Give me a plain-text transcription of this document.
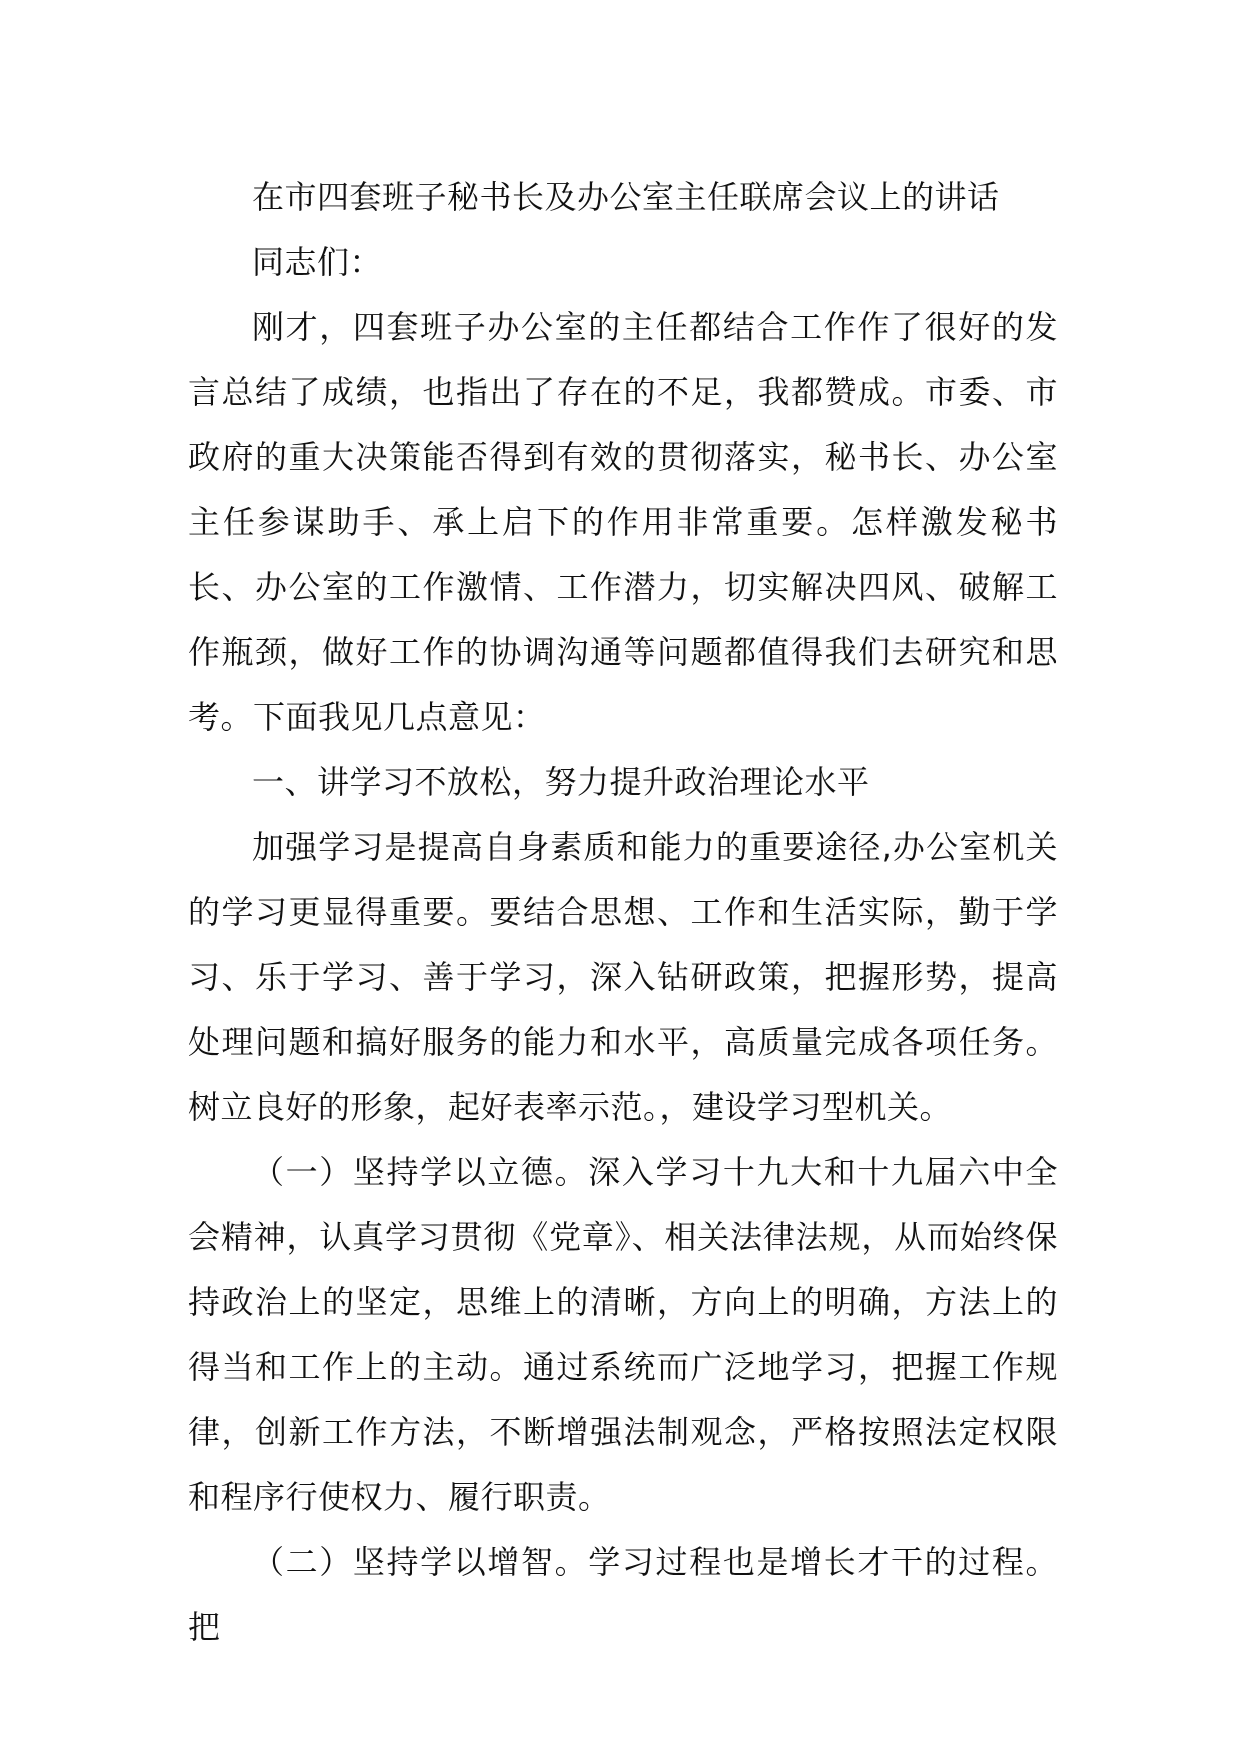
在市四套班子秘书长及办公室主任联席会议上的讲话

同志们：

刚才，四套班子办公室的主任都结合工作作了很好的发言总结了成绩，也指出了存在的不足，我都赞成。市委、市政府的重大决策能否得到有效的贯彻落实，秘书长、办公室主任参谋助手、承上启下的作用非常重要。怎样激发秘书长、办公室的工作激情、工作潜力，切实解决四风、破解工作瓶颈，做好工作的协调沟通等问题都值得我们去研究和思考。下面我见几点意见：

一、讲学习不放松，努力提升政治理论水平

加强学习是提高自身素质和能力的重要途径,办公室机关的学习更显得重要。要结合思想、工作和生活实际，勤于学习、乐于学习、善于学习，深入钻研政策，把握形势，提高处理问题和搞好服务的能力和水平，高质量完成各项任务。树立良好的形象，起好表率示范。，建设学习型机关。

（一）坚持学以立德。深入学习十九大和十九届六中全会精神，认真学习贯彻《党章》、相关法律法规，从而始终保持政治上的坚定，思维上的清晰，方向上的明确，方法上的得当和工作上的主动。通过系统而广泛地学习，把握工作规律，创新工作方法，不断增强法制观念，严格按照法定权限和程序行使权力、履行职责。

（二）坚持学以增智。学习过程也是增长才干的过程。把
